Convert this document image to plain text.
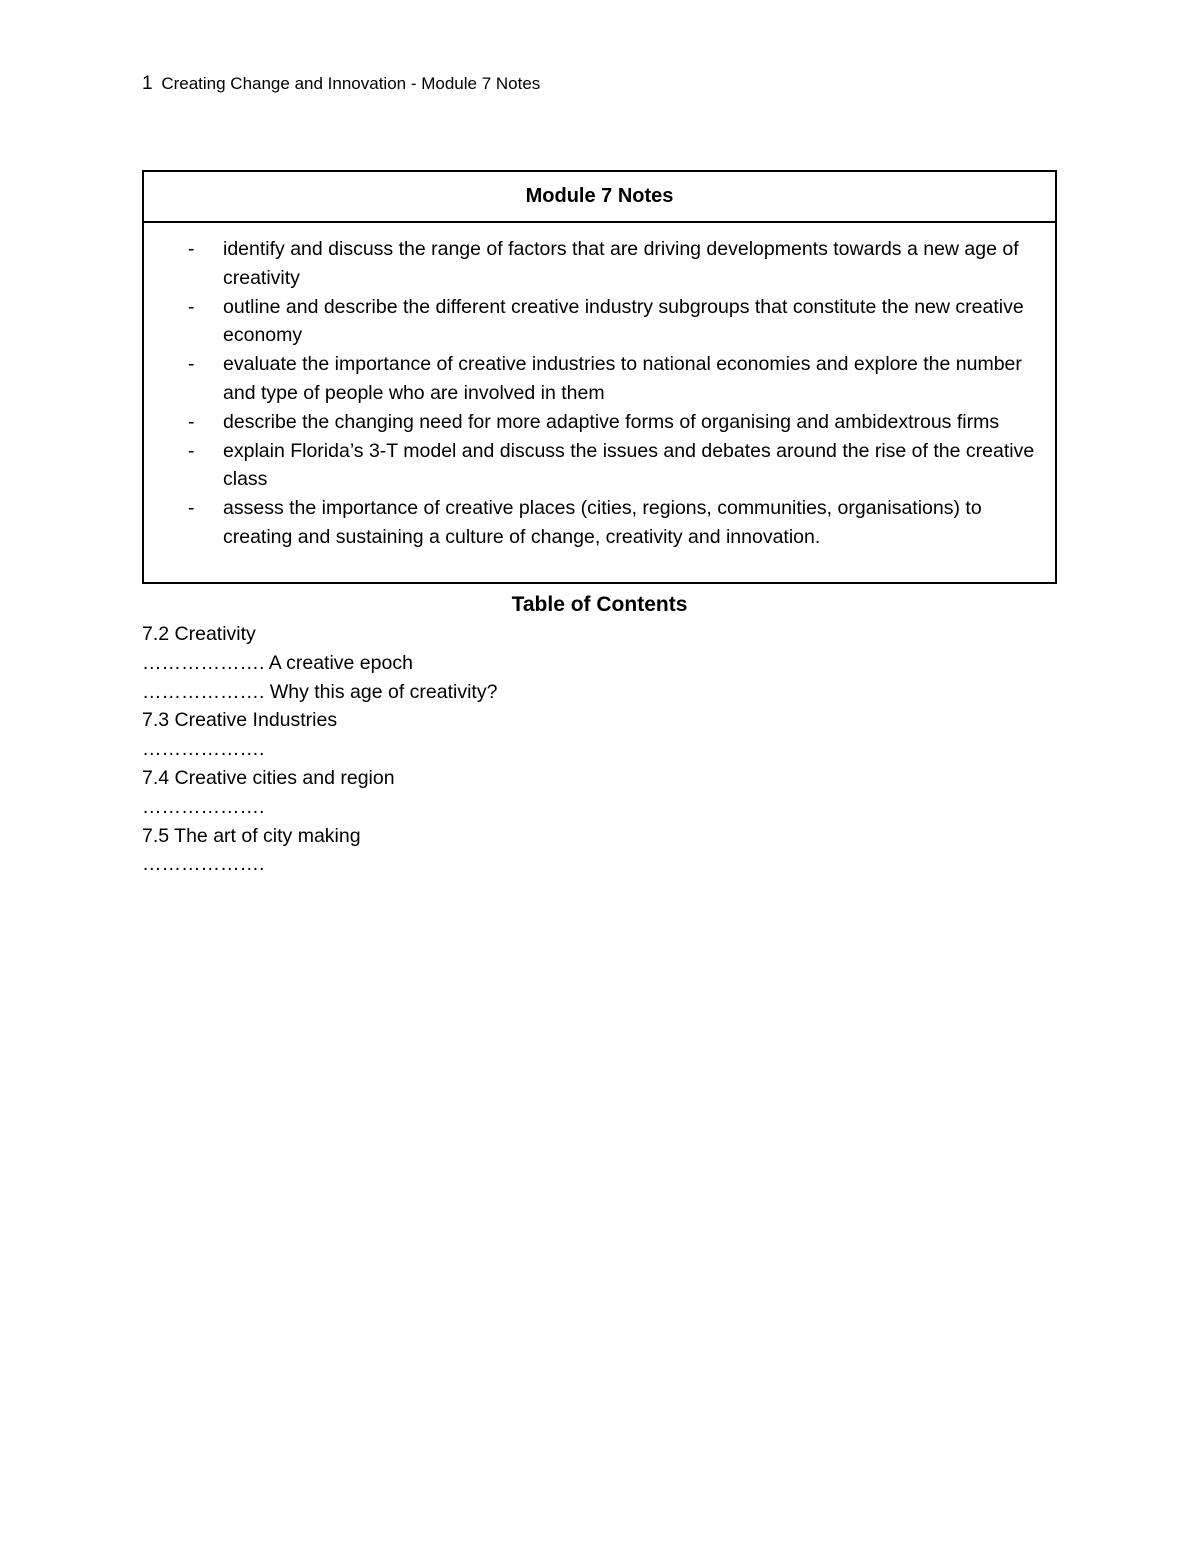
1 Creating Change and Innovation - Module 7 Notes
Module 7 Notes
- identify and discuss the range of factors that are driving developments towards a new age of creativity
- outline and describe the different creative industry subgroups that constitute the new creative economy
- evaluate the importance of creative industries to national economies and explore the number and type of people who are involved in them
- describe the changing need for more adaptive forms of organising and ambidextrous firms
- explain Florida’s 3-T model and discuss the issues and debates around the rise of the creative class
- assess the importance of creative places (cities, regions, communities, organisations) to creating and sustaining a culture of change, creativity and innovation.
Table of Contents
7.2 Creativity
………………. A creative epoch
………………. Why this age of creativity?
7.3 Creative Industries
……………….
7.4 Creative cities and region
……………….
7.5 The art of city making
……………….
